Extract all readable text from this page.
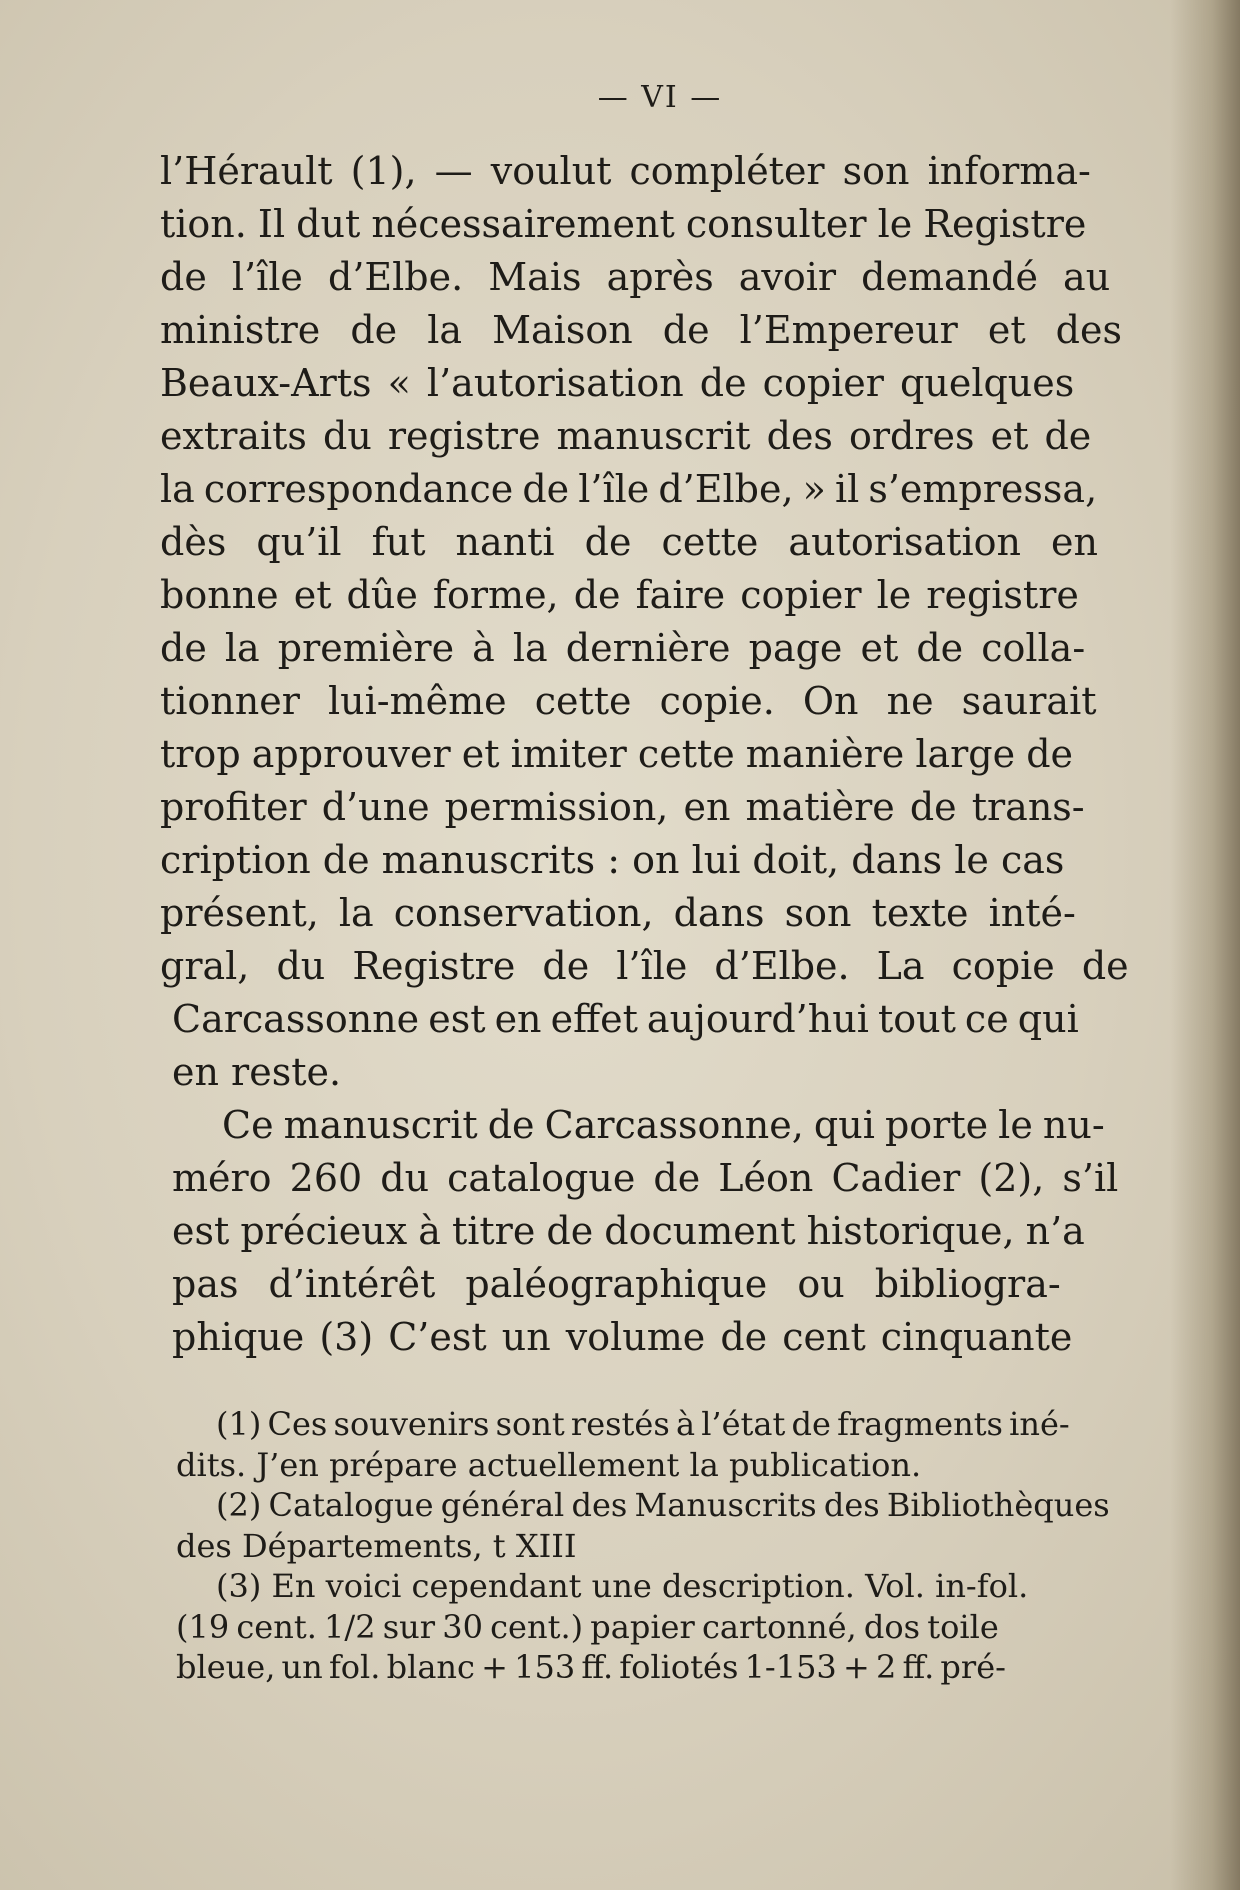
— VI —
l’Hérault (1), — voulut compléter son informa-
tion. Il dut nécessairement consulter le Registre
de l’île d’Elbe. Mais après avoir demandé au
ministre de la Maison de l’Empereur et des
Beaux-Arts « l’autorisation de copier quelques
extraits du registre manuscrit des ordres et de
la correspondance de l’île d’Elbe, » il s’empressa,
dès qu’il fut nanti de cette autorisation en
bonne et dûe forme, de faire copier le registre
de la première à la dernière page et de colla-
tionner lui-même cette copie. On ne saurait
trop approuver et imiter cette manière large de
profiter d’une permission, en matière de trans-
cription de manuscrits : on lui doit, dans le cas
présent, la conservation, dans son texte inté-
gral, du Registre de l’île d’Elbe. La copie de
Carcassonne est en effet aujourd’hui tout ce qui
en reste.
Ce manuscrit de Carcassonne, qui porte le nu-
méro 260 du catalogue de Léon Cadier (2), s’il
est précieux à titre de document historique, n’a
pas d’intérêt paléographique ou bibliogra-
phique (3) C’est un volume de cent cinquante
(1) Ces souvenirs sont restés à l’état de fragments iné-
dits. J’en prépare actuellement la publication.
(2) Catalogue général des Manuscrits des Bibliothèques
des Départements, t XIII
(3) En voici cependant une description. Vol. in-fol.
(19 cent. 1/2 sur 30 cent.) papier cartonné, dos toile
bleue, un fol. blanc + 153 ff. foliotés 1-153 + 2 ff. pré-
